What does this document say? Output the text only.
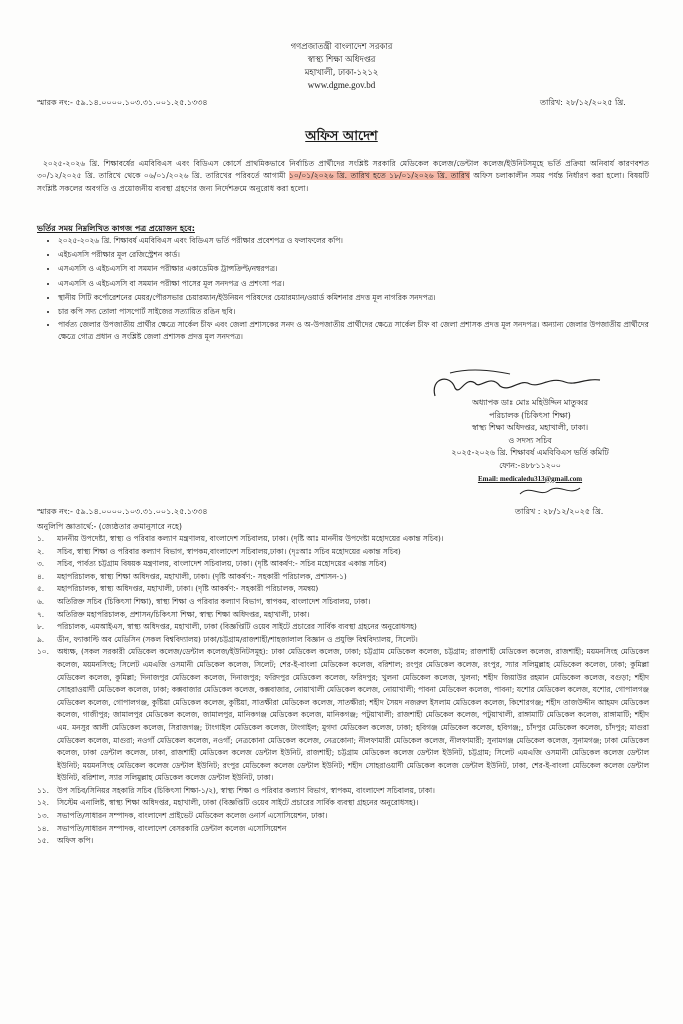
গণপ্রজাতন্ত্রী বাংলাদেশ সরকার
স্বাস্থ্য শিক্ষা অধিদপ্তর
মহাখালী, ঢাকা-১২১২
www.dgme.gov.bd
স্মারক নং:- ৫৯.১৪.০০০০.১০৩.৩১.০০১.২৫.১৩৩৪	তারিখ: ২৮/১২/২০২৫ খ্রি.
অফিস আদেশ
২০২৫-২০২৬ খ্রি. শিক্ষাবর্ষের এমবিবিএস এবং বিডিএস কোর্সে প্রাথমিকভাবে নির্বাচিত প্রার্থীদের সংশ্লিষ্ট সরকারি মেডিকেল কলেজ/ডেন্টাল কলেজ/ইউনিটসমূহে ভর্তি প্রক্রিয়া অনিবার্য কারণবশত ৩০/১২/২০২৫ খ্রি. তারিখে থেকে ০৬/০১/২০২৬ খ্রি. তারিখের পরিবর্তে আগামী ১০/০১/২০২৬ খ্রি. তারিখ হতে ১৮/০১/২০২৬ খ্রি. তারিখ অফিস চলাকালীন সময় পর্যন্ত নির্ধারণ করা হলো। বিষয়টি সংশ্লিষ্ট সকলের অবগতি ও প্রয়োজনীয় ব্যবস্থা গ্রহণের জন্য নির্দেশক্রমে অনুরোধ করা হলো।
ভর্তির সময় নিম্নলিখিত কাগজ পত্র প্রয়োজন হবে:
• ২০২৫-২০২৬ খ্রি. শিক্ষাবর্ষ এমবিবিএস এবং বিডিএস ভর্তি পরীক্ষার প্রবেশপত্র ও ফলাফলের কপি।
• এইচএসসি পরীক্ষার মূল রেজিস্ট্রেশন কার্ড।
• এসএসসি ও এইচএসসি বা সমমান পরীক্ষার একাডেমিক ট্রান্সক্রিপ্ট/নম্বরপত্র।
• এসএসসি ও এইচএসসি বা সমমান পরীক্ষা পাসের মূল সনদপত্র ও প্রশংসা পত্র।
• স্থানীয় সিটি কর্পোরেশনের মেয়র/পৌরসভার চেয়ারম্যান/ইউনিয়ন পরিষদের চেয়ারম্যান/ওয়ার্ড কমিশনার প্রদত্ত মূল নাগরিক সনদপত্র।
• চার কপি সদ্য তোলা পাসপোর্ট সাইজের সত্যায়িত রঙিন ছবি।
• পার্বত্য জেলার উপজাতীয় প্রার্থীর ক্ষেত্রে সার্কেল চীফ এবং জেলা প্রশাসকের সনদ ও অ-উপজাতীয় প্রার্থীদের ক্ষেত্রে সার্কেল চীফ বা জেলা প্রশাসক প্রদত্ত মূল সনদপত্র। অন্যান্য জেলার উপজাতীয় প্রার্থীদের ক্ষেত্রে গোত্র প্রধান ও সংশ্লিষ্ট জেলা প্রশাসক প্রদত্ত মূল সনদপত্র।
অধ্যাপক ডাঃ মোঃ মহিউদ্দিন মাতুব্বর
পরিচালক (চিকিৎসা শিক্ষা)
স্বাস্থ্য শিক্ষা অধিদপ্তর, মহাখালী, ঢাকা।
ও সদস্য সচিব
২০২৫-২০২৬ খ্রি. শিক্ষাবর্ষ এমবিবিএস ভর্তি কমিটি
ফোন:-৪৮৮১১২০০
Email: medicaledu313@gmail.com
স্মারক নং:- ৫৯.১৪.০০০০.১০৩.৩১.০০১.২৫.১৩৩৪	তারিখ : ২৮/১২/২০২৫ খ্রি.
অনুলিপি জ্ঞাতার্থে:- (জ্যেষ্ঠতার ক্রমানুসারে নহে)
১. মাননীয় উপদেষ্টা, স্বাস্থ্য ও পরিবার কল্যাণ মন্ত্রণালয়, বাংলাদেশ সচিবালয়, ঢাকা। (দৃষ্টি আঃ মাননীয় উপদেষ্টা মহোদয়ের একান্ত সচিব)।
২. সচিব, স্বাস্থ্য শিক্ষা ও পরিবার কল্যাণ বিভাগ, স্বাপকম,বাংলাদেশ সচিবালয়,ঢাকা। (দৃঃআঃ সচিব মহোদয়ের একান্ত সচিব)
৩. সচিব, পার্বত্য চট্টগ্রাম বিষয়ক মন্ত্রণালয়, বাংলাদেশ সচিবালয়, ঢাকা। (দৃষ্টি আকর্ষণ:- সচিব মহোদয়ের একান্ত সচিব)
৪. মহাপরিচালক, স্বাস্থ্য শিক্ষা অধিদপ্তর, মহাখালী, ঢাকা। (দৃষ্টি আকর্ষণ:- সহকারী পরিচালক, প্রশাসন-১)
৫. মহাপরিচালক, স্বাস্থ্য অধিদপ্তর, মহাখালী, ঢাকা। (দৃষ্টি আকর্ষণ:- সহকারী পরিচালক, সমন্বয়)
৬. অতিরিক্ত সচিব (চিকিৎসা শিক্ষা), স্বাস্থ্য শিক্ষা ও পরিবার কল্যাণ বিভাগ, স্বাপকম, বাংলাদেশ সচিবালয়, ঢাকা।
৭. অতিরিক্ত মহাপরিচালক, প্রশাসন/চিকিৎসা শিক্ষা, স্বাস্থ্য শিক্ষা অধিদপ্তর, মহাখালী, ঢাকা।
৮. পরিচালক, এমআইএস, স্বাস্থ্য অধিদপ্তর, মহাখালী, ঢাকা (বিজ্ঞপ্তিটি ওয়েব সাইটে প্রচারের সার্বিক ব্যবস্থা গ্রহনের অনুরোধসহ)
৯. ডীন, ফ্যাকাল্টি অব মেডিসিন (সকল বিশ্ববিদ্যালয়) ঢাকা/চট্টগ্রাম/রাজশাহী/শাহজালাল বিজ্ঞান ও প্রযুক্তি বিশ্ববিদ্যালয়, সিলেট।
১০. অধ্যক্ষ, (সকল সরকারী মেডিকেল কলেজ/ডেন্টাল কলেজ/ইউনিটসমূহ): ঢাকা মেডিকেল কলেজ, ঢাকা; চট্টগ্রাম মেডিকেল কলেজ, চট্টগ্রাম; রাজশাহী মেডিকেল কলেজ, রাজশাহী; ময়মনসিংহ মেডিকেল কলেজ, ময়মনসিংহ; সিলেট এমএজি ওসমানী মেডিকেল কলেজ, সিলেট; শের-ই-বাংলা মেডিকেল কলেজ, বরিশাল; রংপুর মেডিকেল কলেজ, রংপুর, স্যার সলিমুল্লাহ মেডিকেল কলেজ, ঢাকা; কুমিল্লা মেডিকেল কলেজ, কুমিল্লা; দিনাজপুর মেডিকেল কলেজ, দিনাজপুর; ফরিদপুর মেডিকেল কলেজ, ফরিদপুর; খুলনা মেডিকেল কলেজ, খুলনা; শহীদ জিয়াউর রহমান মেডিকেল কলেজ, বগুড়া; শহীদ সোহরাওয়ার্দী মেডিকেল কলেজ, ঢাকা; কক্সবাজার মেডিকেল কলেজ, কক্সবাজার, নোয়াখালী মেডিকেল কলেজ, নোয়াখালী; পাবনা মেডিকেল কলেজ, পাবনা; যশোর মেডিকেল কলেজ, যশোর, গোপালগঞ্জ মেডিকেল কলেজ, গোপালগঞ্জ, কুষ্টিয়া মেডিকেল কলেজ, কুষ্টিয়া, সাতক্ষীরা মেডিকেল কলেজ, সাতক্ষীরা; শহীদ সৈয়দ নজরুল ইসলাম মেডিকেল কলেজ, কিশোরগঞ্জ; শহীদ তাজউদ্দীন আহমদ মেডিকেল কলেজ, গাজীপুর; জামালপুর মেডিকেল কলেজ, জামালপুর, মানিকগঞ্জ মেডিকেল কলেজ, মানিকগঞ্জ; পটুয়াখালী; রাজশাহী মেডিকেল কলেজ, পটুয়াখালী, রাঙ্গামাটি মেডিকেল কলেজ, রাঙ্গামাটি; শহীদ এম. মনসুর আলী মেডিকেল কলেজ, সিরাজগঞ্জ; টাংগাইল মেডিকেল কলেজ, টাংগাইল; মুগদা মেডিকেল কলেজ, ঢাকা; হবিগঞ্জ মেডিকেল কলেজ, হবিগঞ্জ;, চাঁদপুর মেডিকেল কলেজ, চাঁদপুর; মাগুরা মেডিকেল কলেজ, মাগুরা; নওগাঁ মেডিকেল কলেজ, নওগাঁ; নেত্রকোনা মেডিকেল কলেজ, নেত্রকোনা; নীলফামারী মেডিকেল কলেজ, নীলফামারী; সুনামগঞ্জ মেডিকেল কলেজ, সুনামগঞ্জ; ঢাকা মেডিকেল কলেজ, ঢাকা ডেন্টাল কলেজ, ঢাকা, রাজশাহী মেডিকেল কলেজ ডেন্টাল ইউনিট, রাজশাহী; চট্টগ্রাম মেডিকেল কলেজ ডেন্টাল ইউনিট, চট্টগ্রাম; সিলেট এমএজি ওসমানী মেডিকেল কলেজ ডেন্টাল ইউনিট; ময়মনসিংহ মেডিকেল কলেজ ডেন্টাল ইউনিট; রংপুর মেডিকেল কলেজ ডেন্টাল ইউনিট; শহীদ সোহরাওয়ার্দী মেডিকেল কলেজ ডেন্টাল ইউনিট, ঢাকা, শের-ই-বাংলা মেডিকেল কলেজ ডেন্টাল ইউনিট, বরিশাল, স্যার সলিমুল্লাহ মেডিকেল কলেজ ডেন্টাল ইউনিট, ঢাকা।
১১. উপ সচিব/সিনিয়র সহকারি সচিব (চিকিৎসা শিক্ষা-১/২), স্বাস্থ্য শিক্ষা ও পরিবার কল্যাণ বিভাগ, স্বাপকম, বাংলাদেশ সচিবালয়, ঢাকা।
১২. সিস্টেম এনালিষ্ট, স্বাস্থ্য শিক্ষা অধিদপ্তর, মহাখালী, ঢাকা (বিজ্ঞপ্তিটি ওয়েব সাইটে প্রচারের সার্বিক ব্যবস্থা গ্রহনের অনুরোধসহ)।
১৩. সভাপতি/সাধারন সম্পাদক, বাংলাদেশ প্রাইভেট মেডিকেল কলেজ ওনার্স এসোসিয়েশন, ঢাকা।
১৪. সভাপতি/সাধারন সম্পাদক, বাংলাদেশ বেসরকারি ডেন্টাল কলেজ এসোসিয়েশন
১৫. অফিস কপি।
